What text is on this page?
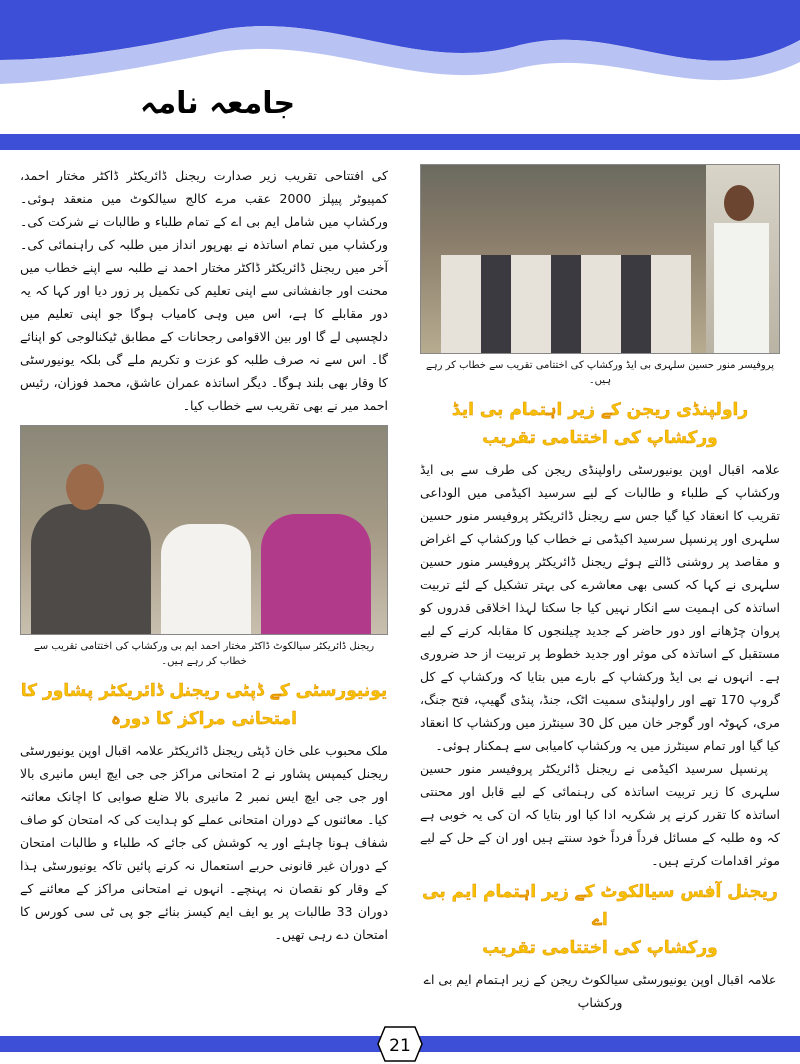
جامعہ نامہ
پروفیسر منور حسین سلہری بی ایڈ ورکشاپ کی اختتامی تقریب سے خطاب کر رہے ہیں۔
راولپنڈی ریجن کے زیر اہتمام بی ایڈ ورکشاپ کی اختتامی تقریب

علامہ اقبال اوپن یونیورسٹی راولپنڈی ریجن کی طرف سے بی ایڈ ورکشاپ کے طلباء و طالبات کے لیے سرسید اکیڈمی میں الوداعی تقریب کا انعقاد کیا گیا جس سے ریجنل ڈائریکٹر پروفیسر منور حسین سلہری اور پرنسپل سرسید اکیڈمی نے خطاب کیا ورکشاپ کے اغراض و مقاصد پر روشنی ڈالتے ہوئے ریجنل ڈائریکٹر پروفیسر منور حسین سلہری نے کہا کہ کسی بھی معاشرے کی بہتر تشکیل کے لئے تربیت اساتذہ کی اہمیت سے انکار نہیں کیا جا سکتا لہذا اخلاقی قدروں کو پروان چڑھانے اور دور حاضر کے جدید چیلنجوں کا مقابلہ کرنے کے لیے مستقبل کے اساتذہ کی موثر اور جدید خطوط پر تربیت از حد ضروری ہے۔ انہوں نے بی ایڈ ورکشاپ کے بارے میں بتایا کہ ورکشاپ کے کل گروپ 170 تھے اور راولپنڈی سمیت اٹک، جنڈ، پنڈی گھیپ، فتح جنگ، مری، کہوٹہ اور گوجر خان میں کل 30 سینٹرز میں ورکشاپ کا انعقاد کیا گیا اور تمام سینٹرز میں یہ ورکشاپ کامیابی سے ہمکنار ہوئی۔

پرنسپل سرسید اکیڈمی نے ریجنل ڈائریکٹر پروفیسر منور حسین سلہری کا زیر تربیت اساتذہ کی رہنمائی کے لیے قابل اور محنتی اساتذہ کا تقرر کرنے پر شکریہ ادا کیا اور بتایا کہ ان کی یہ خوبی ہے کہ وہ طلبہ کے مسائل فرداً فرداً خود سنتے ہیں اور ان کے حل کے لیے موثر اقدامات کرتے ہیں۔

ریجنل آفس سیالکوٹ کے زیر اہتمام ایم بی اے
ورکشاپ کی اختتامی تقریب

علامہ اقبال اوپن یونیورسٹی سیالکوٹ ریجن کے زیر اہتمام ایم بی اے ورکشاپ

کی افتتاحی تقریب زیر صدارت ریجنل ڈائریکٹر ڈاکٹر مختار احمد، کمپیوٹر پیپلز 2000 عقب مرے کالج سیالکوٹ میں منعقد ہوئی۔ ورکشاپ میں شامل ایم بی اے کے تمام طلباء و طالبات نے شرکت کی۔ ورکشاپ میں تمام اساتذہ نے بھرپور انداز میں طلبہ کی راہنمائی کی۔ آخر میں ریجنل ڈائریکٹر ڈاکٹر مختار احمد نے طلبہ سے اپنے خطاب میں محنت اور جانفشانی سے اپنی تعلیم کی تکمیل پر زور دیا اور کہا کہ یہ دور مقابلے کا ہے، اس میں وہی کامیاب ہوگا جو اپنی تعلیم میں دلچسپی لے گا اور بین الاقوامی رجحانات کے مطابق ٹیکنالوجی کو اپنائے گا۔ اس سے نہ صرف طلبہ کو عزت و تکریم ملے گی بلکہ یونیورسٹی کا وقار بھی بلند ہوگا۔ دیگر اساتذہ عمران عاشق، محمد فوزان، رئیس احمد میر نے بھی تقریب سے خطاب کیا۔

ریجنل ڈائریکٹر سیالکوٹ ڈاکٹر مختار احمد ایم بی ورکشاپ کی اختتامی تقریب سے خطاب کر رہے ہیں۔
یونیورسٹی کے ڈپٹی ریجنل ڈائریکٹر پشاور کا امتحانی مراکز کا دورہ

ملک محبوب علی خان ڈپٹی ریجنل ڈائریکٹر علامہ اقبال اوپن یونیورسٹی ریجنل کیمپس پشاور نے 2 امتحانی مراکز جی جی ایچ ایس مانیری بالا اور جی جی ایچ ایس نمبر 2 مانیری بالا ضلع صوابی کا اچانک معائنہ کیا۔ معائنوں کے دوران امتحانی عملے کو ہدایت کی کہ امتحان کو صاف شفاف ہونا چاہئے اور یہ کوشش کی جائے کہ طلباء و طالبات امتحان کے دوران غیر قانونی حربے استعمال نہ کرنے پائیں تاکہ یونیورسٹی ہذا کے وقار کو نقصان نہ پہنچے۔ انہوں نے امتحانی مراکز کے معائنے کے دوران 33 طالبات پر یو ایف ایم کیسز بنائے جو پی ٹی سی کورس کا امتحان دے رہی تھیں۔

21
